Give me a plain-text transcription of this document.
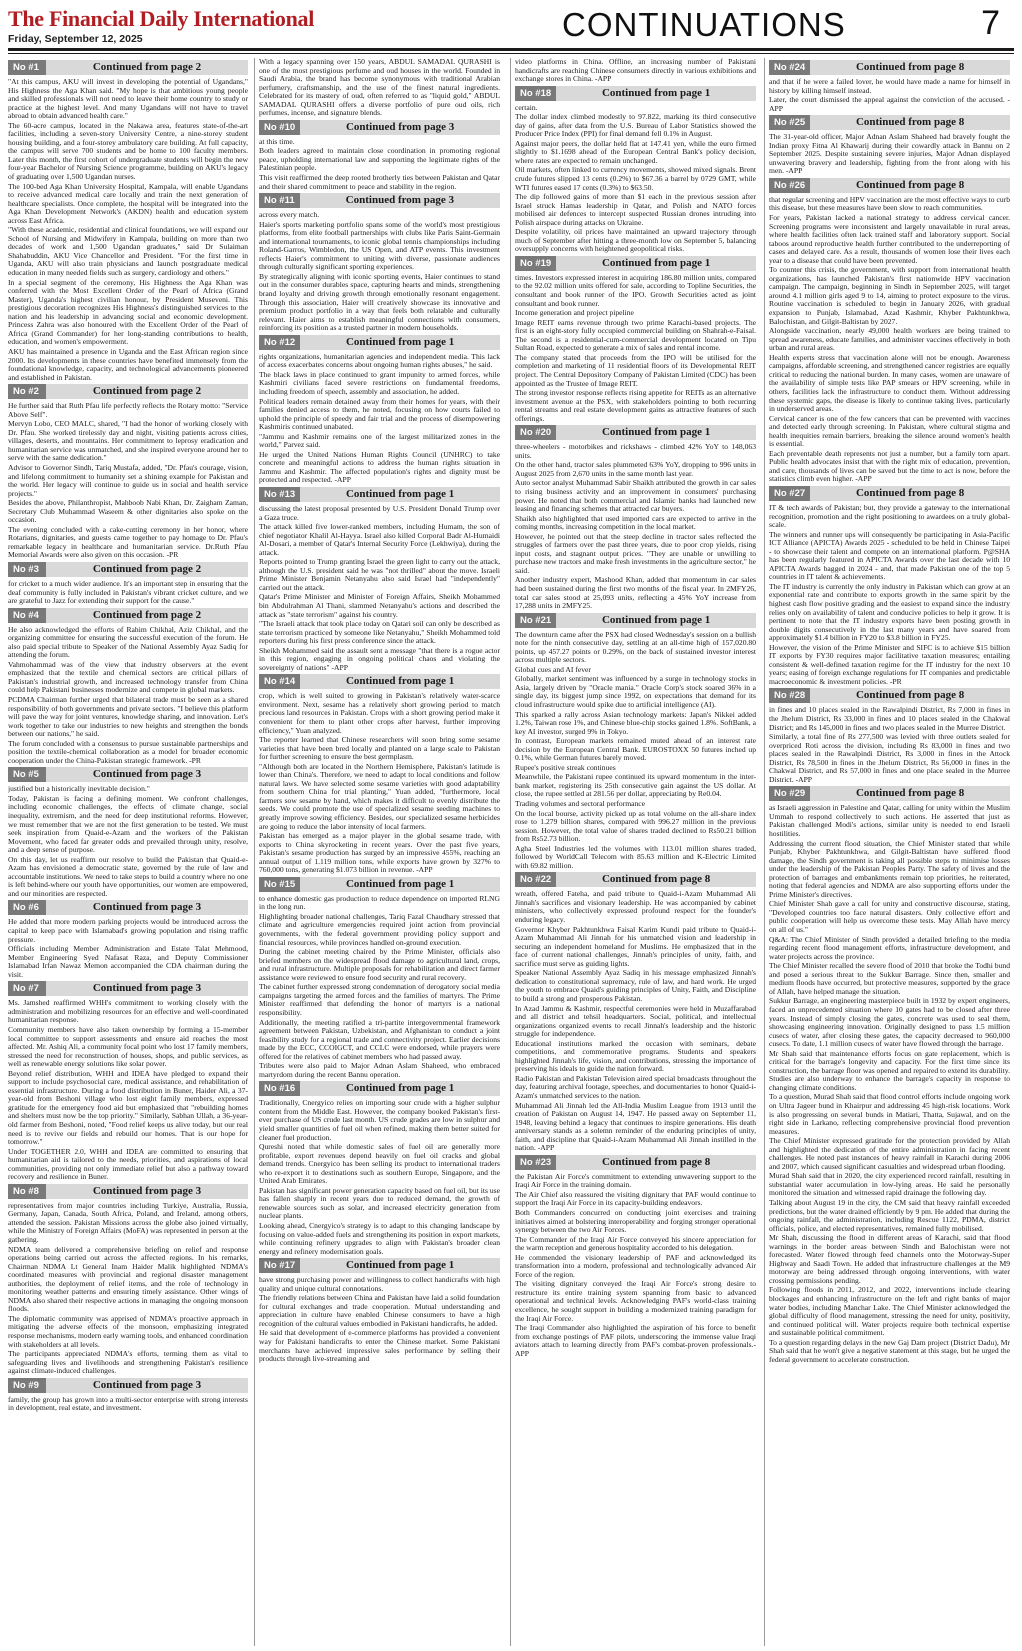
The Financial Daily International
Friday, September 12, 2025	CONTINUATIONS	7
No #1	Continued from page 2

"At this campus, AKU will invest in developing the potential of Ugandans," His Highness the Aga Khan said. "My hope is that ambitious young people and skilled professionals will not need to leave their home country to study or practice at the highest level. And many Ugandans will not have to travel abroad to obtain advanced health care."

The 60-acre campus, located in the Nakawa area, features state-of-the-art facilities, including a seven-story University Centre, a nine-storey student housing building, and a four-storey ambulatory care building. At full capacity, the campus will serve 700 students and be home to 100 faculty members. Later this month, the first cohort of undergraduate students will begin the new four-year Bachelor of Nursing Science programme, building on AKU's legacy of graduating over 1,500 Ugandan nurses.

The 100-bed Aga Khan University Hospital, Kampala, will enable Ugandans to receive advanced medical care locally and train the next generation of healthcare specialists. Once complete, the hospital will be integrated into the Aga Khan Development Network's (AKDN) health and education system across East Africa.

"With these academic, residential and clinical foundations, we will expand our School of Nursing and Midwifery in Kampala, building on more than two decades of work and 1,500 Ugandan graduates," said Dr Sulaiman Shahabuddin, AKU Vice Chancellor and President. "For the first time in Uganda, AKU will also train physicians and launch postgraduate medical education in many needed fields such as surgery, cardiology and others."

In a special segment of the ceremony, His Highness the Aga Khan was conferred with the Most Excellent Order of the Pearl of Africa (Grand Master), Uganda's highest civilian honour, by President Museveni. This prestigious decoration recognizes His Highness's distinguished services to the nation and his leadership in advancing social and economic development. Princess Zahra was also honoured with the Excellent Order of the Pearl of Africa (Grand Commander) for her long-standing contributions to health, education, and women's empowerment.

AKU has maintained a presence in Uganda and the East African region since 2000. Its developments in these countries have benefited immensely from the foundational knowledge, capacity, and technological advancements pioneered and established in Pakistan.

No #2	Continued from page 2

He further said that Ruth Pfau life perfectly reflects the Rotary motto: "Service Above Self".

Mervyn Lobo, CEO MALC, shared, "I had the honor of working closely with Dr. Pfau. She worked tirelessly day and night, visiting patients across cities, villages, deserts, and mountains. Her commitment to leprosy eradication and humanitarian service was unmatched, and she inspired everyone around her to serve with the same dedication."

Advisor to Governor Sindh, Tariq Mustafa, added, "Dr. Pfau's courage, vision, and lifelong commitment to humanity set a shining example for Pakistan and the world. Her legacy will continue to guide us in social and health service projects."

Besides the above, Philanthropist, Mahboob Nabi Khan, Dr. Zaigham Zaman, Secretary Club Muhammad Waseem & other dignitaries also spoke on the occasion.

The evening concluded with a cake-cutting ceremony in her honor, where Rotarians, dignitaries, and guests came together to pay homage to Dr. Pfau's remarkable legacy in healthcare and humanitarian service. Dr.Ruth Pfau Memorial Awards were also given on this occasion. -PR

No #3	Continued from page 2

for cricket to a much wider audience. It's an important step in ensuring that the deaf community is fully included in Pakistan's vibrant cricket culture, and we are grateful to Jazz for extending their support for the cause."

No #4	Continued from page 2

He also acknowledged the efforts of Rahim Chikhal, Aziz Chikhal, and the organizing committee for ensuring the successful execution of the forum. He also paid special tribute to Speaker of the National Assembly Ayaz Sadiq for attending the forum.

Vahmohammad was of the view that industry observers at the event emphasized that the textile and chemical sectors are critical pillars of Pakistan's industrial growth, and increased technology transfer from China could help Pakistani businesses modernize and compete in global markets.

PCDMA Chairman further urged that bilateral trade must be seen as a shared responsibility of both governments and private sectors. "I believe this platform will pave the way for joint ventures, knowledge sharing, and innovation. Let's work together to take our industries to new heights and strengthen the bonds between our nations," he said.

The forum concluded with a consensus to pursue sustainable partnerships and position the textile-chemical collaboration as a model for broader economic cooperation under the China-Pakistan strategic framework. -PR

No #5	Continued from page 3

justified but a historically inevitable decision."

Today, Pakistan is facing a defining moment. We confront challenges, including economic challenges, the effects of climate change, social inequality, extremism, and the need for deep institutional reforms. However, we must remember that we are not the first generation to be tested. We must seek inspiration from Quaid-e-Azam and the workers of the Pakistan Movement, who faced far greater odds and prevailed through unity, resolve, and a deep sense of purpose.

On this day, let us reaffirm our resolve to build the Pakistan that Quaid-e-Azam has envisioned a democratic state, governed by the rule of law and accountable institutions. We need to take steps to build a country where no one is left behind-where our youth have opportunities, our women are empowered, and our minorities are respected.

No #6	Continued from page 3

He added that more modern parking projects would be introduced across the capital to keep pace with Islamabad's growing population and rising traffic pressure.

Officials including Member Administration and Estate Talat Mehmood, Member Engineering Syed Nafasat Raza, and Deputy Commissioner Islamabad Irfan Nawaz Memon accompanied the CDA chairman during the visit.

No #7	Continued from page 3

Ms. Jamshed reaffirmed WHH's commitment to working closely with the administration and mobilizing resources for an effective and well-coordinated humanitarian response.

Community members have also taken ownership by forming a 15-member local committee to support assessments and ensure aid reaches the most affected. Mr. Ashiq Ali, a community focal point who lost 17 family members, stressed the need for reconstruction of houses, shops, and public services, as well as renewable energy solutions like solar power.

Beyond relief distribution, WHH and IDEA have pledged to expand their support to include psychosocial care, medical assistance, and rehabilitation of essential infrastructure. During a food distribution in Buner, Haider Ali, a 37-year-old from Beshoni village who lost eight family members, expressed gratitude for the emergency food aid but emphasized that "rebuilding homes and shelters must now be the top priority." Similarly, Sabhan Ullah, a 36-year-old farmer from Beshoni, noted, "Food relief keeps us alive today, but our real need is to revive our fields and rebuild our homes. That is our hope for tomorrow."

Under TOGETHER 2.0, WHH and IDEA are committed to ensuring that humanitarian aid is tailored to the needs, priorities, and aspirations of local communities, providing not only immediate relief but also a pathway toward recovery and resilience in Buner.

No #8	Continued from page 3

representatives from major countries including Turkiye, Australia, Russia, Germany, Japan, Canada, South Africa, Poland, and Ireland, among others, attended the session. Pakistan Missions across the globe also joined virtually, while the Ministry of Foreign Affairs (MoFA) was represented in person at the gathering.

NDMA team delivered a comprehensive briefing on relief and response operations being carried out across the affected regions. In his remarks, Chairman NDMA Lt General Inam Haider Malik highlighted NDMA's coordinated measures with provincial and regional disaster management authorities, the deployment of relief items, and the role of technology in monitoring weather patterns and ensuring timely assistance. Other wings of NDMA also shared their respective actions in managing the ongoing monsoon floods.

The diplomatic community was apprised of NDMA's proactive approach in mitigating the adverse effects of the monsoon, emphasizing integrated response mechanisms, modern early warning tools, and enhanced coordination with stakeholders at all levels.

The participants appreciated NDMA's efforts, terming them as vital to safeguarding lives and livelihoods and strengthening Pakistan's resilience against climate-induced challenges.

No #9	Continued from page 3

family, the group has grown into a multi-sector enterprise with strong interests in development, real estate, and investment.

With a legacy spanning over 150 years, ABDUL SAMADAL QURASHI is one of the most prestigious perfume and oud houses in the world. Founded in Saudi Arabia, the brand has become synonymous with traditional Arabian perfumery, craftsmanship, and the use of the finest natural ingredients. Celebrated for its mastery of oud, often referred to as "liquid gold," ABDUL SAMADAL QURASHI offers a diverse portfolio of pure oud oils, rich perfumes, incense, and signature blends.

No #10	Continued from page 3

at this time.

Both leaders agreed to maintain close coordination in promoting regional peace, upholding international law and supporting the legitimate rights of the Palestinian people.

This visit reaffirmed the deep rooted brotherly ties between Pakistan and Qatar and their shared commitment to peace and stability in the region.

No #11	Continued from page 3

across every match.

Haier's sports marketing portfolio spans some of the world's most prestigious platforms, from elite football partnerships with clubs like Paris Saint-Germain and international tournaments, to iconic global tennis championships including Roland-Garros, Wimbledon, the US Open, and ATP events. This investment reflects Haier's commitment to uniting with diverse, passionate audiences through culturally significant sporting experiences.

By strategically aligning with iconic sporting events, Haier continues to stand out in the consumer durables space, capturing hearts and minds, strengthening brand loyalty and driving growth through emotionally resonant engagement. Through this association, Haier will creatively showcase its innovative and premium product portfolio in a way that feels both relatable and culturally relevant. Haier aims to establish meaningful connections with consumers, reinforcing its position as a trusted partner in modern households.

No #12	Continued from page 1

rights organizations, humanitarian agencies and independent media. This lack of access exacerbates concerns about ongoing human rights abuses," he said.

The black laws in place continued to grant impunity to armed forces, while Kashmiri civilians faced severe restrictions on fundamental freedoms, including freedom of speech, assembly and association, he added.

Political leaders remain detained away from their homes for years, with their families denied access to them, he noted, focusing on how courts failed to uphold the principle of speedy and fair trial and the process of disempowering Kashmiris continued unabated.

"Jammu and Kashmir remains one of the largest militarized zones in the world," Parvez said.

He urged the United Nations Human Rights Council (UNHRC) to take concrete and meaningful actions to address the human rights situation in Jammu and Kashmir. The affected population's rights and dignity must be protected and respected. -APP

No #13	Continued from page 1

discussing the latest proposal presented by U.S. President Donald Trump over a Gaza truce.

The attack killed five lower-ranked members, including Humam, the son of chief negotiator Khalil Al-Hayya. Israel also killed Corporal Badr Al-Humaidi Al-Dosari, a member of Qatar's Internal Security Force (Lekhwiya), during the attack.

Reports pointed to Trump granting Israel the green light to carry out the attack, although the U.S. president said he was "not thrilled" about the move. Israeli Prime Minister Benjamin Netanyahu also said Israel had "independently" carried out the attack.

Qatar's Prime Minister and Minister of Foreign Affairs, Sheikh Mohammed bin Abdulrahman Al Thani, slammed Netanyahu's actions and described the attack as "state terrorism" against his country.

"The Israeli attack that took place today on Qatari soil can only be described as state terrorism practiced by someone like Netanyahu," Sheikh Mohammed told reporters during his first press conference since the attack.

Sheikh Mohammed said the assault sent a message "that there is a rogue actor in this region, engaging in ongoing political chaos and violating the sovereignty of nations" -APP

No #14	Continued from page 1

crop, which is well suited to growing in Pakistan's relatively water-scarce environment. Next, sesame has a relatively short growing period to match precious land resources in Pakistan. Crops with a short growing period make it convenient for them to plant other crops after harvest, further improving efficiency," Yuan analyzed.

The reporter learned that Chinese researchers will soon bring some sesame varieties that have been bred locally and planted on a large scale to Pakistan for further screening to ensure the best germplasm.

"Although both are located in the Northern Hemisphere, Pakistan's latitude is lower than China's. Therefore, we need to adapt to local conditions and follow natural laws. We have selected some sesame varieties with good adaptability from southern China for trial planting," Yuan added, "furthermore, local farmers sow sesame by hand, which makes it difficult to evenly distribute the seeds. We could promote the use of specialized sesame seeding machines to greatly improve sowing efficiency. Besides, our specialized sesame herbicides are going to reduce the labor intensity of local farmers.

Pakistan has emerged as a major player in the global sesame trade, with exports to China skyrocketing in recent years. Over the past five years, Pakistan's sesame production has surged by an impressive 455%, reaching an annual output of 1.119 million tons, while exports have grown by 327% to 760,000 tons, generating $1.073 billion in revenue. -APP

No #15	Continued from page 1

to enhance domestic gas production to reduce dependence on imported RLNG in the long run.

Highlighting broader national challenges, Tariq Fazal Chaudhary stressed that climate and agriculture emergencies required joint action from provincial governments, with the federal government providing policy support and financial resources, while provinces handled on-ground execution.

During the cabinet meeting chaired by the Prime Minister, officials also briefed members on the widespread flood damage to agricultural land, crops, and rural infrastructure. Multiple proposals for rehabilitation and direct farmer assistance were reviewed to ensure food security and rural recovery.

The cabinet further expressed strong condemnation of derogatory social media campaigns targeting the armed forces and the families of martyrs. The Prime Minister reaffirmed that defending the honor of martyrs is a national responsibility.

Additionally, the meeting ratified a tri-partite intergovernmental framework agreement between Pakistan, Uzbekistan, and Afghanistan to conduct a joint feasibility study for a regional trade and connectivity project. Earlier decisions made by the ECC, CCOIGCT, and CCLC were endorsed, while prayers were offered for the relatives of cabinet members who had passed away.

Tributes were also paid to Major Adnan Aslam Shaheed, who embraced martyrdom during the recent Bannu operation.

No #16	Continued from page 1

Traditionally, Cnergyico relies on importing sour crude with a higher sulphur content from the Middle East. However, the company booked Pakistan's first-ever purchase of US crude last month. US crude grades are low in sulphur and yield smaller quantities of fuel oil when refined, making them better suited for cleaner fuel production.

Qureshi noted that while domestic sales of fuel oil are generally more profitable, export revenues depend heavily on fuel oil cracks and global demand trends. Cnergyico has been selling its product to international traders who re-export it to destinations such as southern Europe, Singapore, and the United Arab Emirates.

Pakistan has significant power generation capacity based on fuel oil, but its use has fallen sharply in recent years due to reduced demand, the growth of renewable sources such as solar, and increased electricity generation from nuclear plants.

Looking ahead, Cnergyico's strategy is to adapt to this changing landscape by focusing on value-added fuels and strengthening its position in export markets, while continuing refinery upgrades to align with Pakistan's broader clean energy and refinery modernisation goals.

No #17	Continued from page 1

have strong purchasing power and willingness to collect handicrafts with high quality and unique cultural connotations.

The friendly relations between China and Pakistan have laid a solid foundation for cultural exchanges and trade cooperation. Mutual understanding and appreciation in culture have enabled Chinese consumers to have a high recognition of the cultural values embodied in Pakistani handicrafts, he added.

He said that development of e-commerce platforms has provided a convenient way for Pakistani handicrafts to enter the Chinese market. Some Pakistani merchants have achieved impressive sales performance by selling their products through live-streaming and

video platforms in China. Offline, an increasing number of Pakistani handicrafts are reaching Chinese consumers directly in various exhibitions and exchange stores in China. -APP

No #18	Continued from page 1

certain.

The dollar index climbed modestly to 97.822, marking its third consecutive day of gains, after data from the U.S. Bureau of Labor Statistics showed the Producer Price Index (PPI) for final demand fell 0.1% in August.

Against major peers, the dollar held flat at 147.41 yen, while the euro firmed slightly to $1.1698 ahead of the European Central Bank's policy decision, where rates are expected to remain unchanged.

Oil markets, often linked to currency movements, showed mixed signals. Brent crude futures slipped 13 cents (0.2%) to $67.36 a barrel by 0729 GMT, while WTI futures eased 17 cents (0.3%) to $63.50.

The dip followed gains of more than $1 each in the previous session after Israel struck Hamas leadership in Qatar, and Polish and NATO forces mobilised air defences to intercept suspected Russian drones intruding into Polish airspace during attacks on Ukraine.

Despite volatility, oil prices have maintained an upward trajectory through much of September after hitting a three-month low on September 5, balancing oversupply concerns with heightened geopolitical risks.

No #19	Continued from page 1

times. Investors expressed interest in acquiring 186.80 million units, compared to the 92.02 million units offered for sale, according to Topline Securities, the consultant and book runner of the IPO. Growth Securities acted as joint consultant and book runner.

Income generation and project pipeline

Image REIT earns revenue through two prime Karachi-based projects. The first is an eight-story fully occupied commercial building on Shahrah-e-Faisal. The second is a residential-cum-commercial development located on Tipu Sultan Road, expected to generate a mix of sales and rental income.

The company stated that proceeds from the IPO will be utilised for the completion and marketing of 11 residential floors of its Developmental REIT project. The Central Depository Company of Pakistan Limited (CDC) has been appointed as the Trustee of Image REIT.

The strong investor response reflects rising appetite for REITs as an alternative investment avenue at the PSX, with stakeholders pointing to both recurring rental streams and real estate development gains as attractive features of such offerings.

No #20	Continued from page 1

three-wheelers - motorbikes and rickshaws - climbed 42% YoY to 148,063 units.

On the other hand, tractor sales plummeted 63% YoY, dropping to 996 units in August 2025 from 2,670 units in the same month last year.

Auto sector analyst Muhammad Sabir Shaikh attributed the growth in car sales to rising business activity and an improvement in consumers' purchasing power. He noted that both commercial and Islamic banks had launched new leasing and financing schemes that attracted car buyers.

Shaikh also highlighted that used imported cars are expected to arrive in the coming months, increasing competition in the local market.

However, he pointed out that the steep decline in tractor sales reflected the struggles of farmers over the past three years, due to poor crop yields, rising input costs, and stagnant output prices. "They are unable or unwilling to purchase new tractors and make fresh investments in the agriculture sector," he said.

Another industry expert, Mashood Khan, added that momentum in car sales had been sustained during the first two months of the fiscal year. In 2MFY26, total car sales stood at 25,093 units, reflecting a 45% YoY increase from 17,288 units in 2MFY25.

No #21	Continued from page 1

The downturn came after the PSX had closed Wednesday's session on a bullish note for the ninth consecutive day, settling at an all-time high of 157,020.80 points, up 457.27 points or 0.29%, on the back of sustained investor interest across multiple sectors.

Global cues and AI fever

Globally, market sentiment was influenced by a surge in technology stocks in Asia, largely driven by "Oracle mania." Oracle Corp's stock soared 36% in a single day, its biggest jump since 1992, on expectations that demand for its cloud infrastructure would spike due to artificial intelligence (AI).

This sparked a rally across Asian technology markets: Japan's Nikkei added 1.2%, Taiwan rose 1%, and Chinese blue-chip stocks gained 1.8%. SoftBank, a key AI investor, surged 9% in Tokyo.

In contrast, European markets remained muted ahead of an interest rate decision by the European Central Bank. EUROSTOXX 50 futures inched up 0.1%, while German futures barely moved.

Rupee's positive streak continues

Meanwhile, the Pakistani rupee continued its upward momentum in the inter-bank market, registering its 25th consecutive gain against the US dollar. At close, the rupee settled at 281.56 per dollar, appreciating by Re0.04.

Trading volumes and sectoral performance

On the local bourse, activity picked up as total volume on the all-share index rose to 1.279 billion shares, compared with 996.27 million in the previous session. However, the total value of shares traded declined to Rs50.21 billion from Rs52.73 billion.

Agha Steel Industries led the volumes with 113.01 million shares traded, followed by WorldCall Telecom with 85.63 million and K-Electric Limited with 69.82 million.

No #22	Continued from page 8

wreath, offered Fateha, and paid tribute to Quaid-i-Azam Muhammad Ali Jinnah's sacrifices and visionary leadership. He was accompanied by cabinet ministers, who collectively expressed profound respect for the founder's enduring legacy.

Governor Khyber Pakhtunkhwa Faisal Karim Kundi paid tribute to Quaid-i-Azam Muhammad Ali Jinnah for his unmatched vision and leadership in securing an independent homeland for Muslims. He emphasized that in the face of current national challenges, Jinnah's principles of unity, faith, and sacrifice must serve as guiding lights.

Speaker National Assembly Ayaz Sadiq in his message emphasized Jinnah's dedication to constitutional supremacy, rule of law, and hard work. He urged the youth to embrace Quaid's guiding principles of Unity, Faith, and Discipline to build a strong and prosperous Pakistan.

In Azad Jammu & Kashmir, respectful ceremonies were held in Muzaffarabad and all district and tehsil headquarters. Social, political, and intellectual organizations organized events to recall Jinnah's leadership and the historic struggle for independence.

Educational institutions marked the occasion with seminars, debate competitions, and commemorative programs. Students and speakers highlighted Jinnah's life, vision, and contributions, stressing the importance of preserving his ideals to guide the nation forward.

Radio Pakistan and Pakistan Television aired special broadcasts throughout the day, featuring archival footage, speeches, and documentaries to honor Quaid-i-Azam's unmatched services to the nation.

Muhammad Ali Jinnah led the All-India Muslim League from 1913 until the creation of Pakistan on August 14, 1947. He passed away on September 11, 1948, leaving behind a legacy that continues to inspire generations. His death anniversary stands as a solemn reminder of the enduring principles of unity, faith, and discipline that Quaid-i-Azam Muhammad Ali Jinnah instilled in the nation. -APP

No #23	Continued from page 8

the Pakistan Air Force's commitment to extending unwavering support to the Iraqi Air Force in the training domain.

The Air Chief also reassured the visiting dignitary that PAF would continue to support the Iraqi Air Force in its capacity-building endeavors.

Both Commanders concurred on conducting joint exercises and training initiatives aimed at bolstering interoperability and forging stronger operational synergy between the two Air Forces.

The Commander of the Iraqi Air Force conveyed his sincere appreciation for the warm reception and generous hospitality accorded to his delegation.

He commended the visionary leadership of PAF and acknowledged its transformation into a modern, professional and technologically advanced Air Force of the region.

The visiting dignitary conveyed the Iraqi Air Force's strong desire to restructure its entire training system spanning from basic to advanced operational and technical levels. Acknowledging PAF's world-class training excellence, he sought support in building a modernized training paradigm for the Iraqi Air Force.

The Iraqi Commander also highlighted the aspiration of his force to benefit from exchange postings of PAF pilots, underscoring the immense value Iraqi aviators attach to learning directly from PAF's combat-proven professionals.-APP

No #24	Continued from page 8

and that if he were a failed lover, he would have made a name for himself in history by killing himself instead.

Later, the court dismissed the appeal against the conviction of the accused. -APP

No #25	Continued from page 8

The 31-year-old officer, Major Adnan Aslam Shaheed had bravely fought the Indian proxy Fitna Al Khawarij during their cowardly attack in Bannu on 2 September 2025. Despite sustaining severe injuries, Major Adnan displayed unwavering bravery and leadership, fighting from the front along with his men. -APP

No #26	Continued from page 8

that regular screening and HPV vaccination are the most effective ways to curb this disease, but these measures have been slow to reach communities.

For years, Pakistan lacked a national strategy to address cervical cancer. Screening programs were inconsistent and largely unavailable in rural areas, where health facilities often lack trained staff and laboratory support. Social taboos around reproductive health further contributed to the underreporting of cases and delayed care. As a result, thousands of women lose their lives each year to a disease that could have been prevented.

To counter this crisis, the government, with support from international health organizations, has launched Pakistan's first nationwide HPV vaccination campaign. The campaign, beginning in Sindh in September 2025, will target around 4.1 million girls aged 9 to 14, aiming to protect exposure to the virus. Routine vaccination is scheduled to begin in January 2026, with gradual expansion to Punjab, Islamabad, Azad Kashmir, Khyber Pakhtunkhwa, Balochistan, and Gilgit-Baltistan by 2027.

Alongside vaccination, nearly 49,000 health workers are being trained to spread awareness, educate families, and administer vaccines effectively in both urban and rural areas.

Health experts stress that vaccination alone will not be enough. Awareness campaigns, affordable screening, and strengthened cancer registries are equally critical to reducing the national burden. In many cases, women are unaware of the availability of simple tests like PAP smears or HPV screening, while in others, facilities lack the infrastructure to conduct them. Without addressing these systemic gaps, the disease is likely to continue taking lives, particularly in underserved areas.

Cervical cancer is one of the few cancers that can be prevented with vaccines and detected early through screening. In Pakistan, where cultural stigma and health inequities remain barriers, breaking the silence around women's health is essential.

Each preventable death represents not just a number, but a family torn apart. Public health advocates insist that with the right mix of education, prevention, and care, thousands of lives can be saved but the time to act is now, before the statistics climb even higher. -APP

No #27	Continued from page 8

IT & tech awards of Pakistan; but, they provide a gateway to the international recognition, promotion and the right positioning to awardees on a truly global-scale.

The winners and runner ups will consequently be participating in Asia-Pacific ICT Alliance (APICTA) Awards 2025 - scheduled to be held in Chinese Taipei - to showcase their talent and compete on an international platform. P@SHA has been regularly featured in APICTA Awards over the last decade with 10 APICTA Awards bagged in 2024 - and, that made Pakistan one of the top 5 countries in IT talent & achievements.

The IT industry is currently the only industry in Pakistan which can grow at an exponential rate and contribute to exports growth in the same spirit by the highest cash flow positive grading and the easiest to expand since the industry relies only on availability of talent and conducive policies to help it grow. It is pertinent to note that the IT industry exports have been posting growth in double digits consecutively in the last many years and have soared from approximately $1.4 billion in FY20 to $3.8 billion in FY25.

However, the vision of the Prime Minister and SIFC is to achieve $15 billion IT exports by FY30 requires major facilitative taxation measures; entailing consistent & well-defined taxation regime for the IT industry for the next 10 years; easing of foreign exchange regulations for IT companies and predictable macroeconomic & investment policies. -PR

No #28	Continued from page 8

in fines and 10 places sealed in the Rawalpindi District, Rs 7,000 in fines in the Jhelum District, Rs 33,000 in fines and 10 places sealed in the Chakwal District; and Rs 145,000 in fines and two places sealed in the Murree District.

Similarly, a total fine of Rs 277,500 was levied with three outlets sealed for overpriced Roti across the division, including Rs 83,000 in fines and two places sealed in the Rawalpindi District, Rs 3,000 in fines in the Attock District, Rs 78,500 in fines in the Jhelum District, Rs 56,000 in fines in the Chakwal District, and Rs 57,000 in fines and one place sealed in the Murree District. -APP

No #29	Continued from page 8

as Israeli aggression in Palestine and Qatar, calling for unity within the Muslim Ummah to respond collectively to such actions. He asserted that just as Pakistan challenged Modi's actions, similar unity is needed to end Israeli hostilities.

Addressing the current flood situation, the Chief Minister stated that while Punjab, Khyber Pakhtunkhwa, and Gilgit-Baltistan have suffered flood damage, the Sindh government is taking all possible steps to minimise losses under the leadership of the Pakistan Peoples Party. The safety of lives and the protection of barrages and embankments remain top priorities, he reiterated, noting that federal agencies and NDMA are also supporting efforts under the Prime Minister's directives.

Chief Minister Shah gave a call for unity and constructive discourse, stating, "Developed countries too face natural disasters. Only collective effort and public cooperation will help us overcome these tests. May Allah have mercy on all of us."

Q&A: The Chief Minister of Sindh provided a detailed briefing to the media regarding recent flood management efforts, infrastructure development, and water projects across the province.

The Chief Minister recalled the severe flood of 2010 that broke the Todhi bund and posed a serious threat to the Sukkur Barrage. Since then, smaller and medium floods have occurred, but protective measures, supported by the grace of Allah, have helped manage the situation.

Sukkur Barrage, an engineering masterpiece built in 1932 by expert engineers, faced an unprecedented situation where 10 gates had to be closed after three years. Instead of simply closing the gates, concrete was used to seal them, showcasing engineering innovation. Originally designed to pass 1.5 million cusecs of water, after closing these gates, the capacity decreased to 960,000 cusecs. To date, 1.1 million cusecs of water have flowed through the barrage.

Mr Shah said that maintenance efforts focus on gate replacement, which is critical for the barrage's longevity and capacity. For the first time since its construction, the barrage floor was opened and repaired to extend its durability. Studies are also underway to enhance the barrage's capacity in response to changing climate conditions.

To a question, Murad Shah said that flood control efforts include ongoing work on Ultra Jageer bund in Khairpur and addressing 45 high-risk locations. Work is also progressing on several bunds in Matiari, Thatta, Sujawal, and on the right side in Larkano, reflecting comprehensive provincial flood prevention measures.

The Chief Minister expressed gratitude for the protection provided by Allah and highlighted the dedication of the entire administration in facing recent challenges. He noted past instances of heavy rainfall in Karachi during 2006 and 2007, which caused significant casualties and widespread urban flooding.

Murad Shah said that in 2020, the city experienced record rainfall, resulting in substantial water accumulation in low-lying areas. He said he personally monitored the situation and witnessed rapid drainage the following day.

Talking about August 19 in the city, the CM said that heavy rainfall exceeded predictions, but the water drained efficiently by 9 pm. He added that during the ongoing rainfall, the administration, including Rescue 1122, PDMA, district officials, police, and elected representatives, remained fully mobilised.

Mr Shah, discussing the flood in different areas of Karachi, said that flood warnings in the border areas between Sindh and Balochistan were not forecasted. Water flowed through feed channels onto the Motorway-Super Highway and Saadi Town. He added that infrastructure challenges at the M9 motorway are being addressed through ongoing interventions, with water crossing permissions pending.

Following floods in 2011, 2012, and 2022, interventions include clearing blockages and enhancing infrastructure on the left and right banks of major water bodies, including Manchar Lake. The Chief Minister acknowledged the global difficulty of flood management, stressing the need for unity, positivity, and continued political will. Water projects require both technical expertise and sustainable political commitment.

To a question regarding delays in the new Gaj Dam project (District Dadu), Mr Shah said that he won't give a negative statement at this stage, but he urged the federal government to accelerate construction.
